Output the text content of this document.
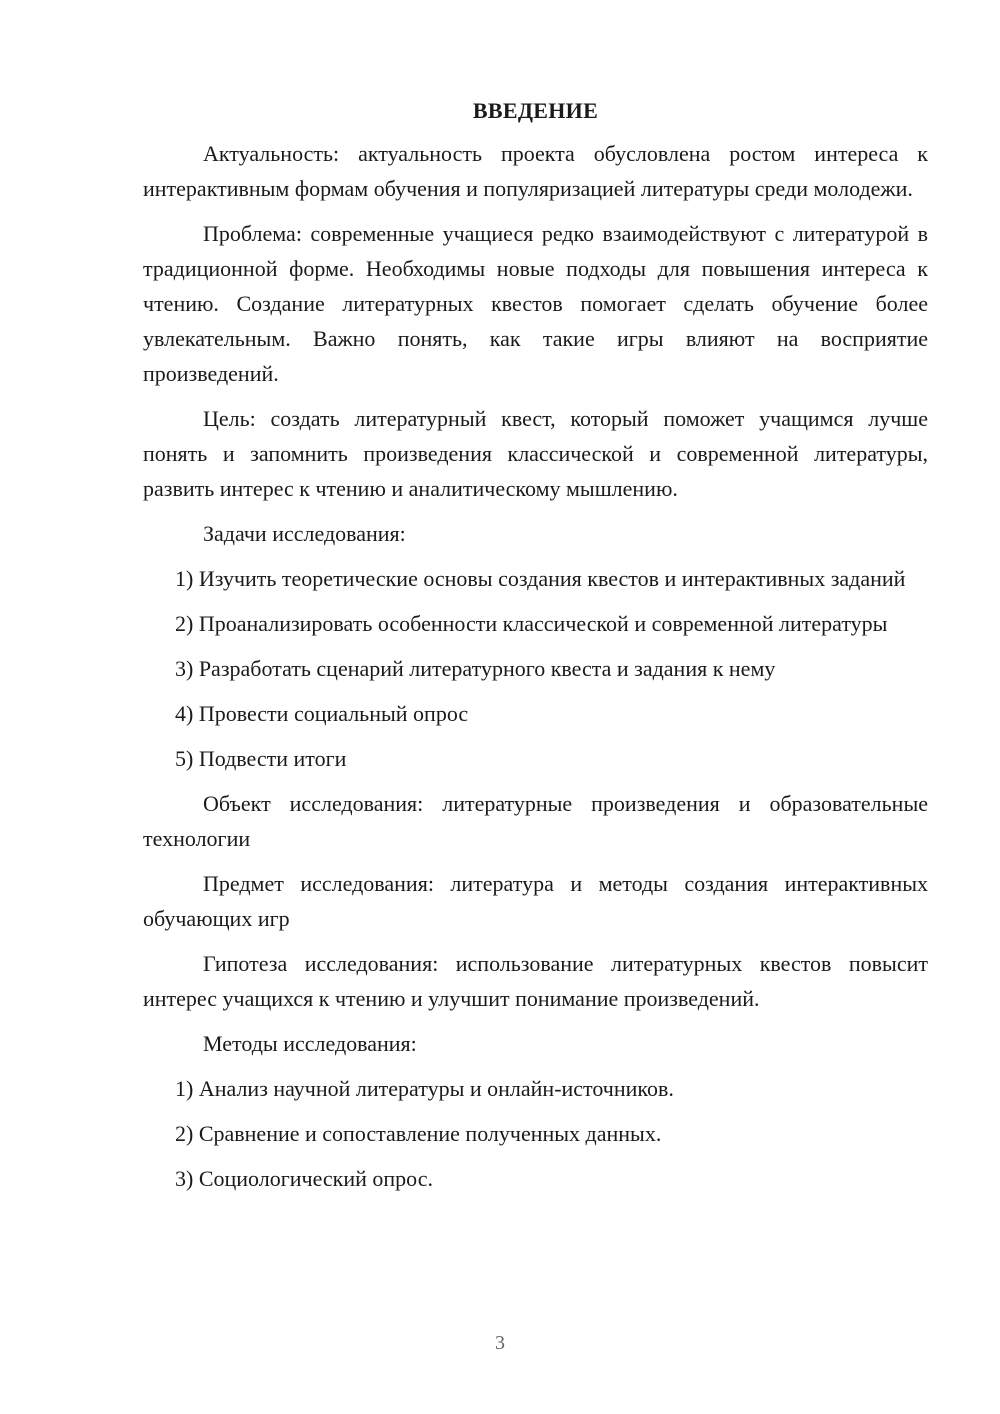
ВВЕДЕНИЕ

Актуальность: актуальность проекта обусловлена ростом интереса к интерактивным формам обучения и популяризацией литературы среди молодежи.

Проблема: современные учащиеся редко взаимодействуют с литературой в традиционной форме. Необходимы новые подходы для повышения интереса к чтению. Создание литературных квестов помогает сделать обучение более увлекательным. Важно понять, как такие игры влияют на восприятие произведений.

Цель: создать литературный квест, который поможет учащимся лучше понять и запомнить произведения классической и современной литературы, развить интерес к чтению и аналитическому мышлению.

Задачи исследования:

1) Изучить теоретические основы создания квестов и интерактивных заданий

2) Проанализировать особенности классической и современной литературы

3) Разработать сценарий литературного квеста и задания к нему

4) Провести социальный опрос

5) Подвести итоги

Объект исследования: литературные произведения и образовательные технологии

Предмет исследования: литература и методы создания интерактивных обучающих игр

Гипотеза исследования: использование литературных квестов повысит интерес учащихся к чтению и улучшит понимание произведений.

Методы исследования:

1) Анализ научной литературы и онлайн-источников.

2) Сравнение и сопоставление полученных данных.

3) Социологический опрос.

3
